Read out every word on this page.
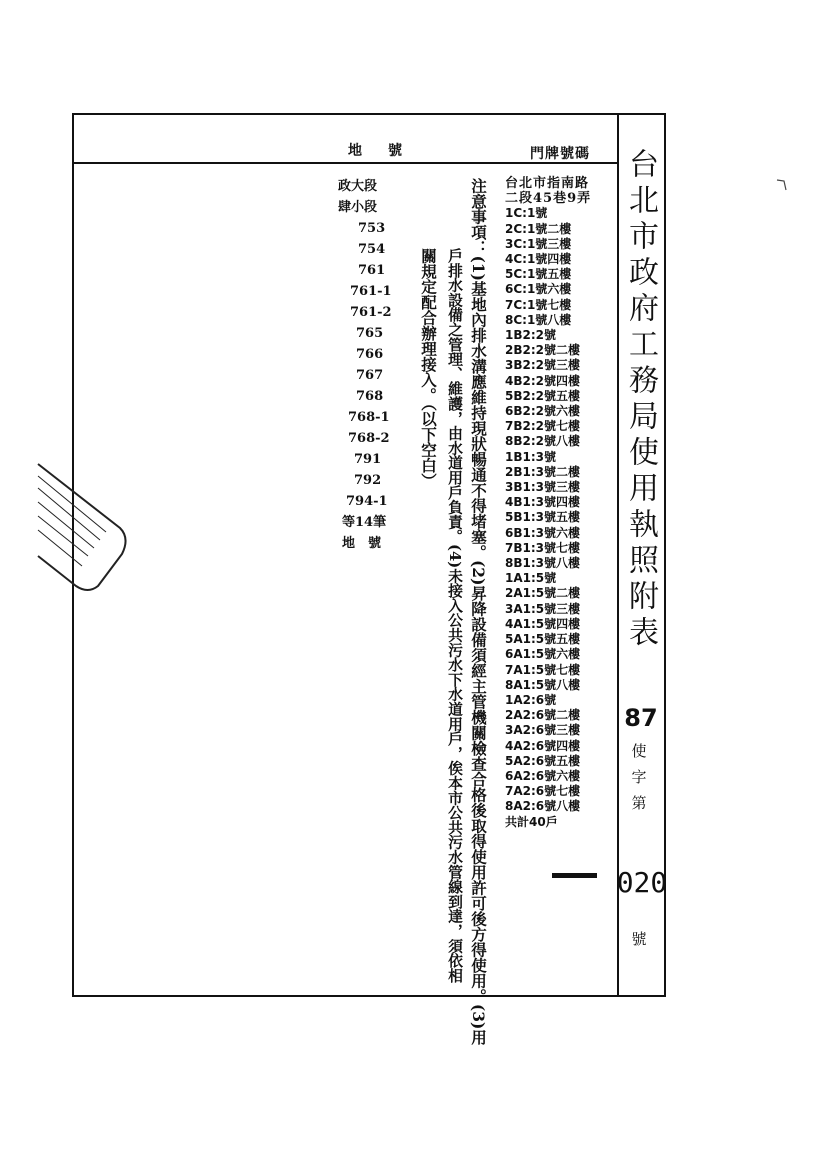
地　號	門牌號碼 台北市政府工務局使用執照附表
87
使字第
020
號
政大段
肆小段
753
754
761
761-1
761-2
765
766
767
768
768-1
768-2
791
792
794-1
等14筆
地　號	注意事項：(1)基地內排水溝應維持現狀暢通不得堵塞。(2)昇降設備須經主管機關檢查合格後取得使用許可後方得使用。(3)用
戶排水設備之管理、維護，由水道用戶負責。(4)未接入公共污水下水道用戶，俟本市公共污水管線到達，須依相
關規定配合辦理接入。（以下空白）
台北市指南路
二段45巷9弄
1C:1號
2C:1號二樓
3C:1號三樓
4C:1號四樓
5C:1號五樓
6C:1號六樓
7C:1號七樓
8C:1號八樓
1B2:2號
2B2:2號二樓
3B2:2號三樓
4B2:2號四樓
5B2:2號五樓
6B2:2號六樓
7B2:2號七樓
8B2:2號八樓
1B1:3號
2B1:3號二樓
3B1:3號三樓
4B1:3號四樓
5B1:3號五樓
6B1:3號六樓
7B1:3號七樓
8B1:3號八樓
1A1:5號
2A1:5號二樓
3A1:5號三樓
4A1:5號四樓
5A1:5號五樓
6A1:5號六樓
7A1:5號七樓
8A1:5號八樓
1A2:6號
2A2:6號二樓
3A2:6號三樓
4A2:6號四樓
5A2:6號五樓
6A2:6號六樓
7A2:6號七樓
8A2:6號八樓
共計40戶
